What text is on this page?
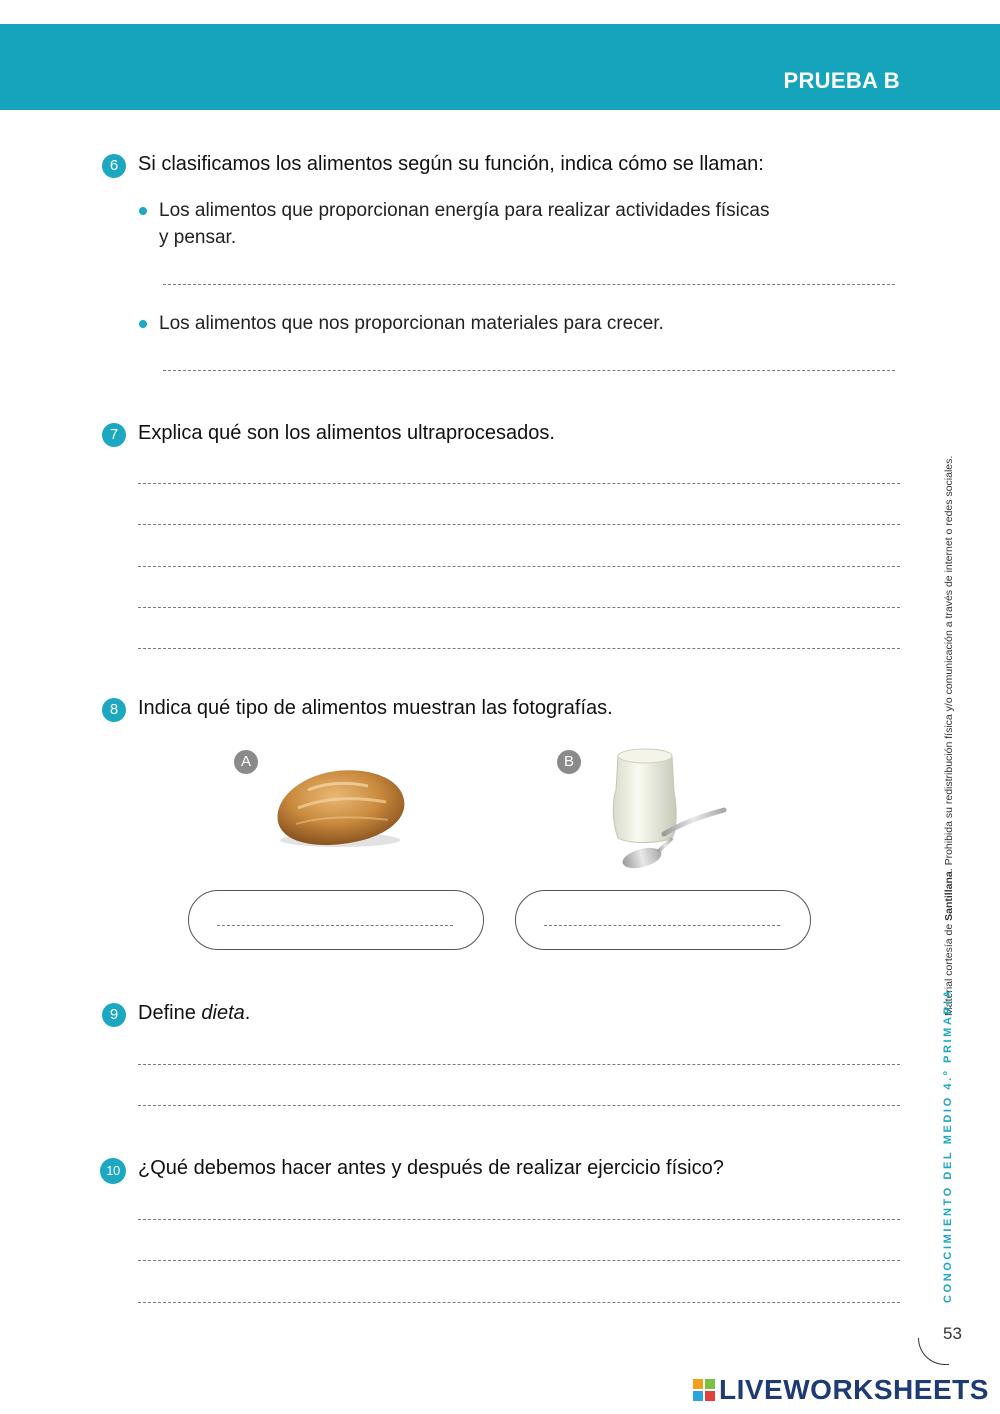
PRUEBA B
6 Si clasificamos los alimentos según su función, indica cómo se llaman:
Los alimentos que proporcionan energía para realizar actividades físicas
y pensar.
Los alimentos que nos proporcionan materiales para crecer.
7 Explica qué son los alimentos ultraprocesados.
8 Indica qué tipo de alimentos muestran las fotografías.
A	B
9 Define dieta.
10 ¿Qué debemos hacer antes y después de realizar ejercicio físico?
Material cortesía de Santillana. Prohibida su redistribución física y/o comunicación a través de internet o redes sociales.
CONOCIMIENTO DEL MEDIO 4.º PRIMARIA
53
LIVEWORKSHEETS
